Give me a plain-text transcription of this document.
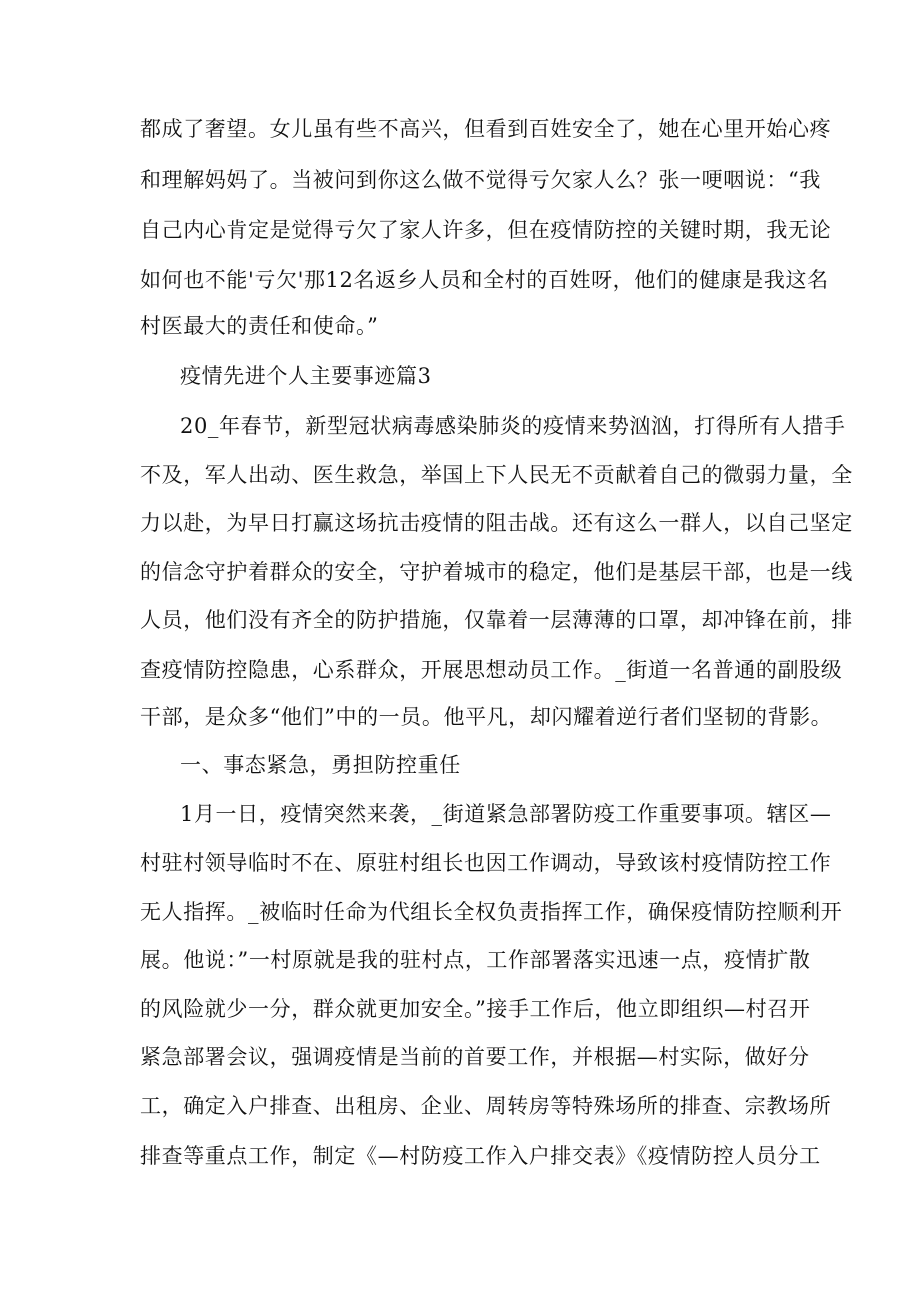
都成了奢望。女儿虽有些不高兴，但看到百姓安全了，她在心里开始心疼
和理解妈妈了。当被问到你这么做不觉得亏欠家人么？张一哽咽说：“我
自己内心肯定是觉得亏欠了家人许多，但在疫情防控的关键时期，我无论
如何也不能'亏欠'那12名返乡人员和全村的百姓呀，他们的健康是我这名
村医最大的责任和使命。”
疫情先进个人主要事迹篇3
20_年春节，新型冠状病毒感染肺炎的疫情来势汹汹，打得所有人措手
不及，军人出动、医生救急，举国上下人民无不贡献着自己的微弱力量，全
力以赴，为早日打赢这场抗击疫情的阻击战。还有这么一群人，以自己坚定
的信念守护着群众的安全，守护着城市的稳定，他们是基层干部，也是一线
人员，他们没有齐全的防护措施，仅靠着一层薄薄的口罩，却冲锋在前，排
查疫情防控隐患，心系群众，开展思想动员工作。_街道一名普通的副股级
干部，是众多“他们”中的一员。他平凡，却闪耀着逆行者们坚韧的背影。
一、事态紧急，勇担防控重任
1月一日，疫情突然来袭，_街道紧急部署防疫工作重要事项。辖区—
村驻村领导临时不在、原驻村组长也因工作调动，导致该村疫情防控工作
无人指挥。_被临时任命为代组长全权负责指挥工作，确保疫情防控顺利开
展。他说：”一村原就是我的驻村点，工作部署落实迅速一点，疫情扩散
的风险就少一分，群众就更加安全。”接手工作后，他立即组织—村召开
紧急部署会议，强调疫情是当前的首要工作，并根据—村实际，做好分
工，确定入户排查、出租房、企业、周转房等特殊场所的排查、宗教场所
排查等重点工作，制定《—村防疫工作入户排交表》《疫情防控人员分工
